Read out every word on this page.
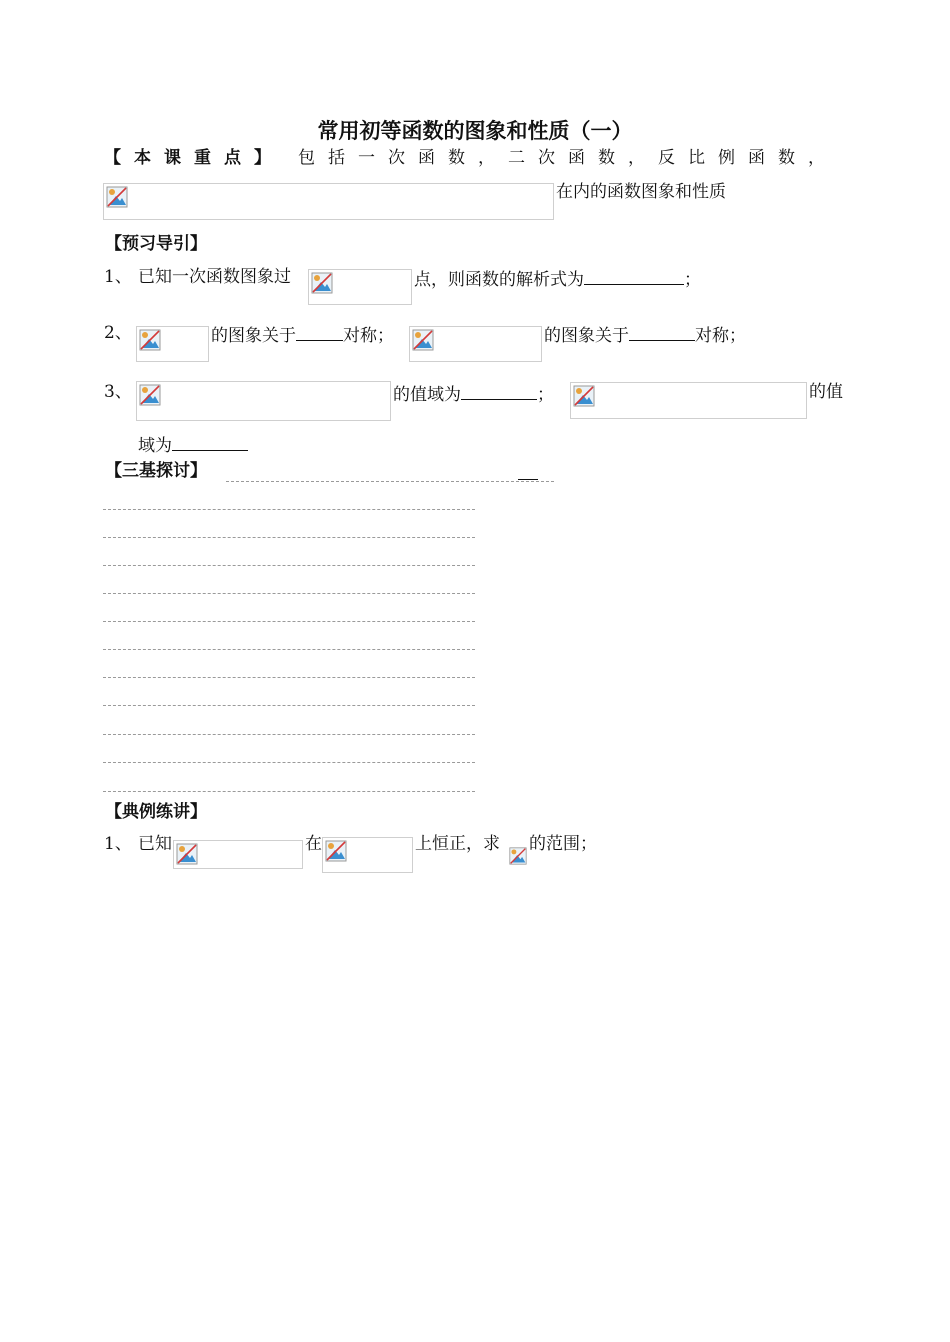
常用初等函数的图象和性质（一）
【本课重点】 包括一次函数，二次函数，反比例函数，
在内的函数图象和性质
【预习导引】
1、 已知一次函数图象过	点，则函数的解析式为	；
2、	的图象关于	对称；	的图象关于	对称；
3、	的值域为	；	的值
域为
【三基探讨】
【典例练讲】
1、 已知	在	上恒正，求 的范围；
